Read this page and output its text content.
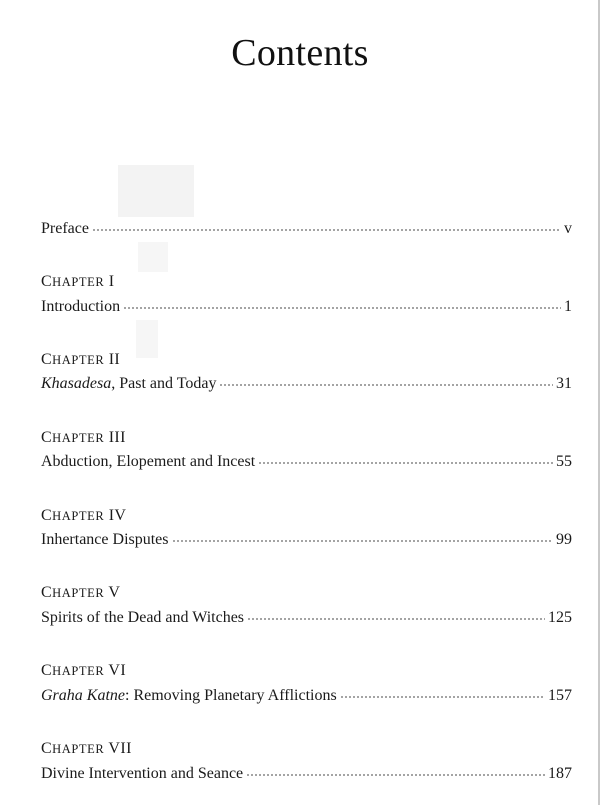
Contents
Preface	v
CHAPTER I
Introduction	1
CHAPTER II
Khasadesa, Past and Today	31
CHAPTER III
Abduction, Elopement and Incest	55
CHAPTER IV
Inhertance Disputes	99
CHAPTER V
Spirits of the Dead and Witches	125
CHAPTER VI
Graha Katne: Removing Planetary Afflictions	157
CHAPTER VII
Divine Intervention and Seance	187
